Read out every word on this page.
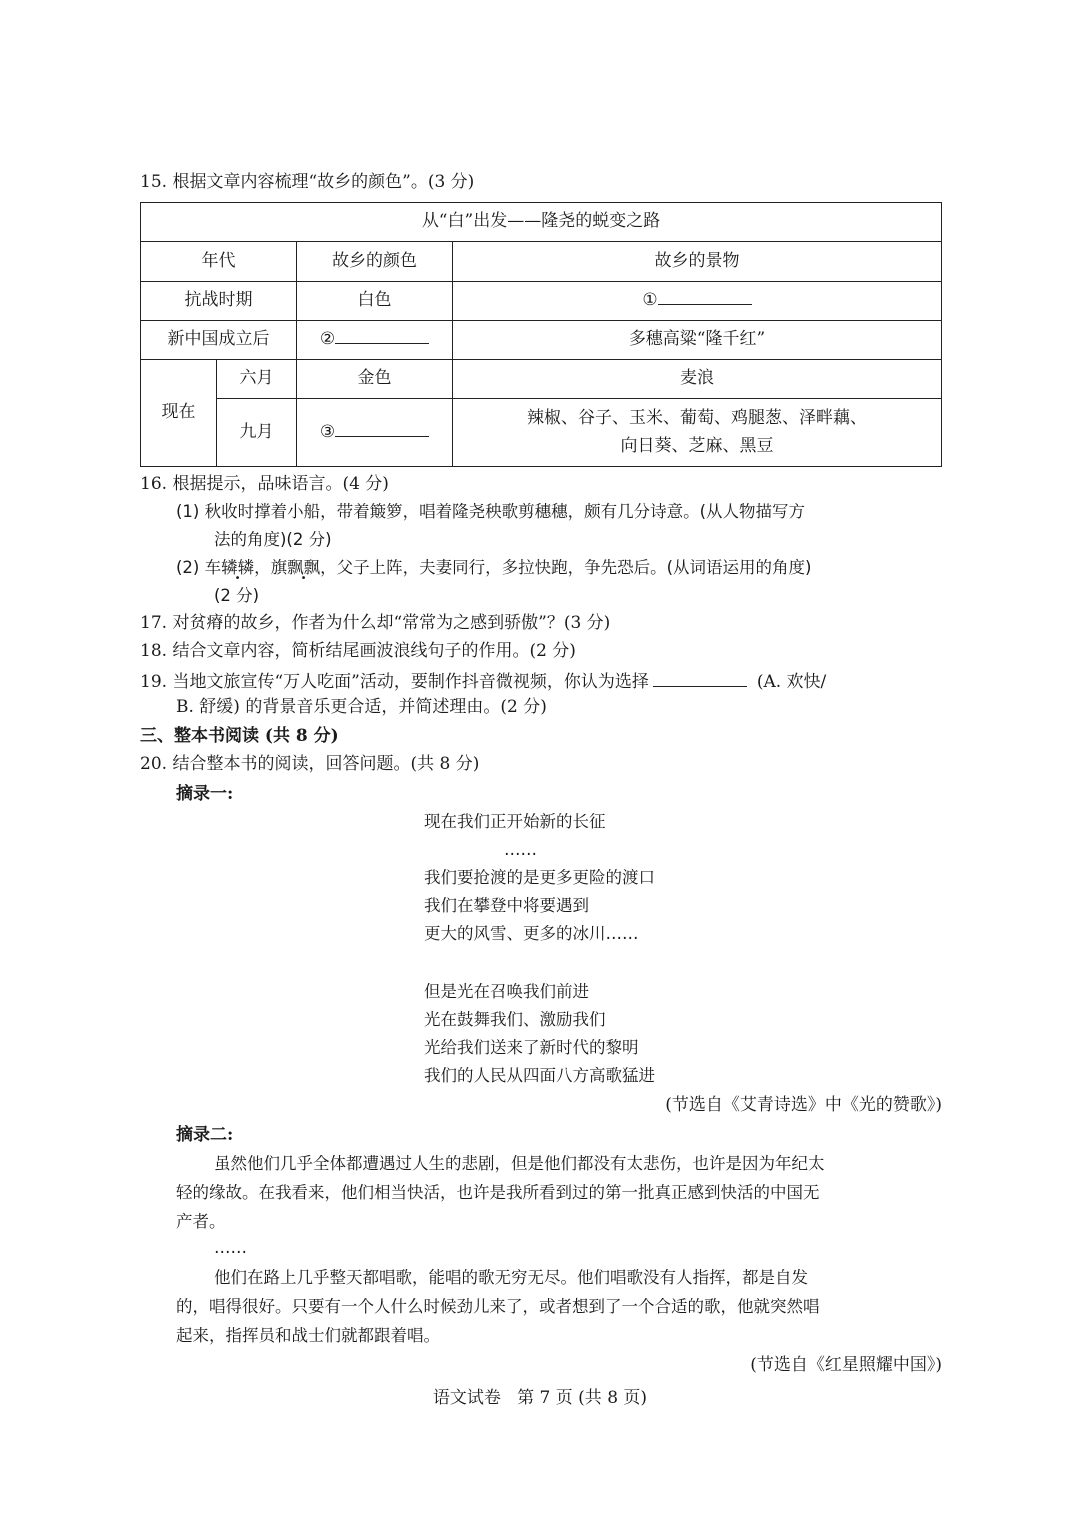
15. 根据文章内容梳理“故乡的颜色”。(3 分)
从“白”出发——隆尧的蜕变之路			
年代		故乡的颜色	故乡的景物
抗战时期		白色	①
新中国成立后		②	多穗高粱“隆千红”
现在	六月	金色	麦浪
	九月	③	辣椒、谷子、玉米、葡萄、鸡腿葱、泽畔藕、
向日葵、芝麻、黑豆
16. 根据提示，品味语言。(4 分)
(1) 秋收时撑着小船，带着簸箩，唱着隆尧秧歌剪穗穗，颇有几分诗意。(从人物描写方
法的角度)(2 分)
(2) 车辚辚，旗飘飘，父子上阵，夫妻同行，多拉快跑，争先恐后。(从词语运用的角度)
(2 分)
17. 对贫瘠的故乡，作者为什么却“常常为之感到骄傲”？(3 分)
18. 结合文章内容，简析结尾画波浪线句子的作用。(2 分)
19. 当地文旅宣传“万人吃面”活动，要制作抖音微视频，你认为选择	(A. 欢快/
B. 舒缓) 的背景音乐更合适，并简述理由。(2 分)
三、整本书阅读 (共 8 分)
20. 结合整本书的阅读，回答问题。(共 8 分)
摘录一:
现在我们正开始新的长征
……
我们要抢渡的是更多更险的渡口
我们在攀登中将要遇到
更大的风雪、更多的冰川……
但是光在召唤我们前进
光在鼓舞我们、激励我们
光给我们送来了新时代的黎明
我们的人民从四面八方高歌猛进
(节选自《艾青诗选》中《光的赞歌》)
摘录二:
虽然他们几乎全体都遭遇过人生的悲剧，但是他们都没有太悲伤，也许是因为年纪太
轻的缘故。在我看来，他们相当快活，也许是我所看到过的第一批真正感到快活的中国无
产者。
……
他们在路上几乎整天都唱歌，能唱的歌无穷无尽。他们唱歌没有人指挥，都是自发
的，唱得很好。只要有一个人什么时候劲儿来了，或者想到了一个合适的歌，他就突然唱
起来，指挥员和战士们就都跟着唱。
(节选自《红星照耀中国》)
语文试卷   第 7 页 (共 8 页)
